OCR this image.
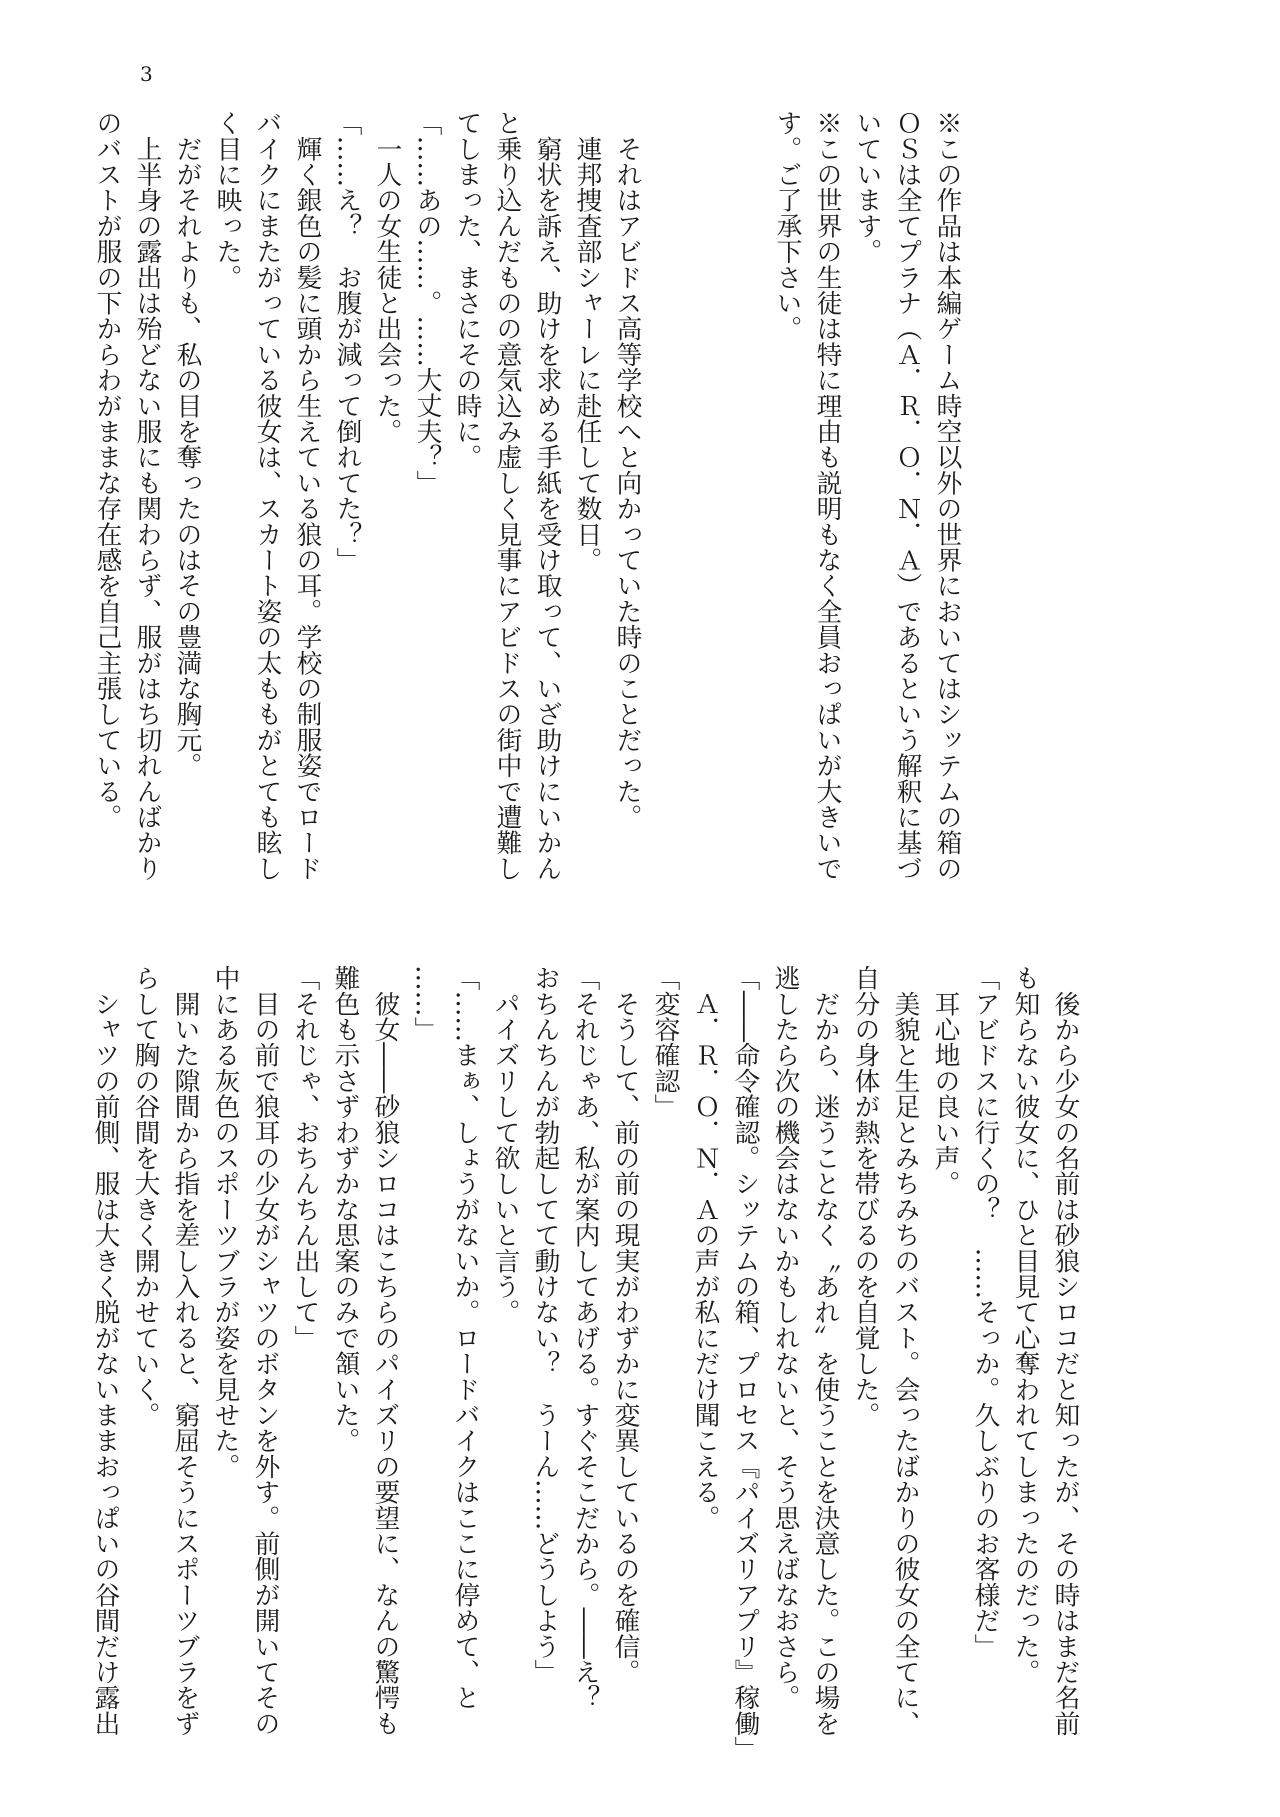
3
※この作品は本編ゲーム時空以外の世界においてはシッテムの箱の
ＯＳは全てプラナ（Ａ．Ｒ．Ｏ．Ｎ．Ａ）であるという解釈に基づ
いています。
※この世界の生徒は特に理由も説明もなく全員おっぱいが大きいで
す。ご了承下さい。
　それはアビドス高等学校へと向かっていた時のことだった。
　連邦捜査部シャーレに赴任して数日。
　窮状を訴え、助けを求める手紙を受け取って、いざ助けにいかん
と乗り込んだものの意気込み虚しく見事にアビドスの街中で遭難し
てしまった、まさにその時に。
「……あの……。……大丈夫？」
　一人の女生徒と出会った。
「……え？　お腹が減って倒れてた？」
　輝く銀色の髪に頭から生えている狼の耳。学校の制服姿でロード
バイクにまたがっている彼女は、スカート姿の太ももがとても眩し
く目に映った。
　だがそれよりも、私の目を奪ったのはその豊満な胸元。
　上半身の露出は殆どない服にも関わらず、服がはち切れんばかり
のバストが服の下からわがままな存在感を自己主張している。
　後から少女の名前は砂狼シロコだと知ったが、その時はまだ名前
も知らない彼女に、ひと目見て心奪われてしまったのだった。
「アビドスに行くの？　……そっか。久しぶりのお客様だ」
　耳心地の良い声。
　美貌と生足とみちみちのバスト。会ったばかりの彼女の全てに、
自分の身体が熱を帯びるのを自覚した。
　だから、迷うことなく〝あれ〟を使うことを決意した。この場を
逃したら次の機会はないかもしれないと、そう思えばなおさら。
「――命令確認。シッテムの箱、プロセス『パイズリアプリ』稼働」
　Ａ．Ｒ．Ｏ．Ｎ．Ａの声が私にだけ聞こえる。
「変容確認」
　そうして、前の前の現実がわずかに変異しているのを確信。
「それじゃあ、私が案内してあげる。すぐそこだから。――え？
おちんちんが勃起してて動けない？　うーん……どうしよう」
　パイズリして欲しいと言う。
「……まぁ、しょうがないか。ロードバイクはここに停めて、と
……」
　彼女――砂狼シロコはこちらのパイズリの要望に、なんの驚愕も
難色も示さずわずかな思案のみで頷いた。
「それじゃ、おちんちん出して」
　目の前で狼耳の少女がシャツのボタンを外す。前側が開いてその
中にある灰色のスポーツブラが姿を見せた。
　開いた隙間から指を差し入れると、窮屈そうにスポーツブラをず
らして胸の谷間を大きく開かせていく。
　シャツの前側、服は大きく脱がないままおっぱいの谷間だけ露出
